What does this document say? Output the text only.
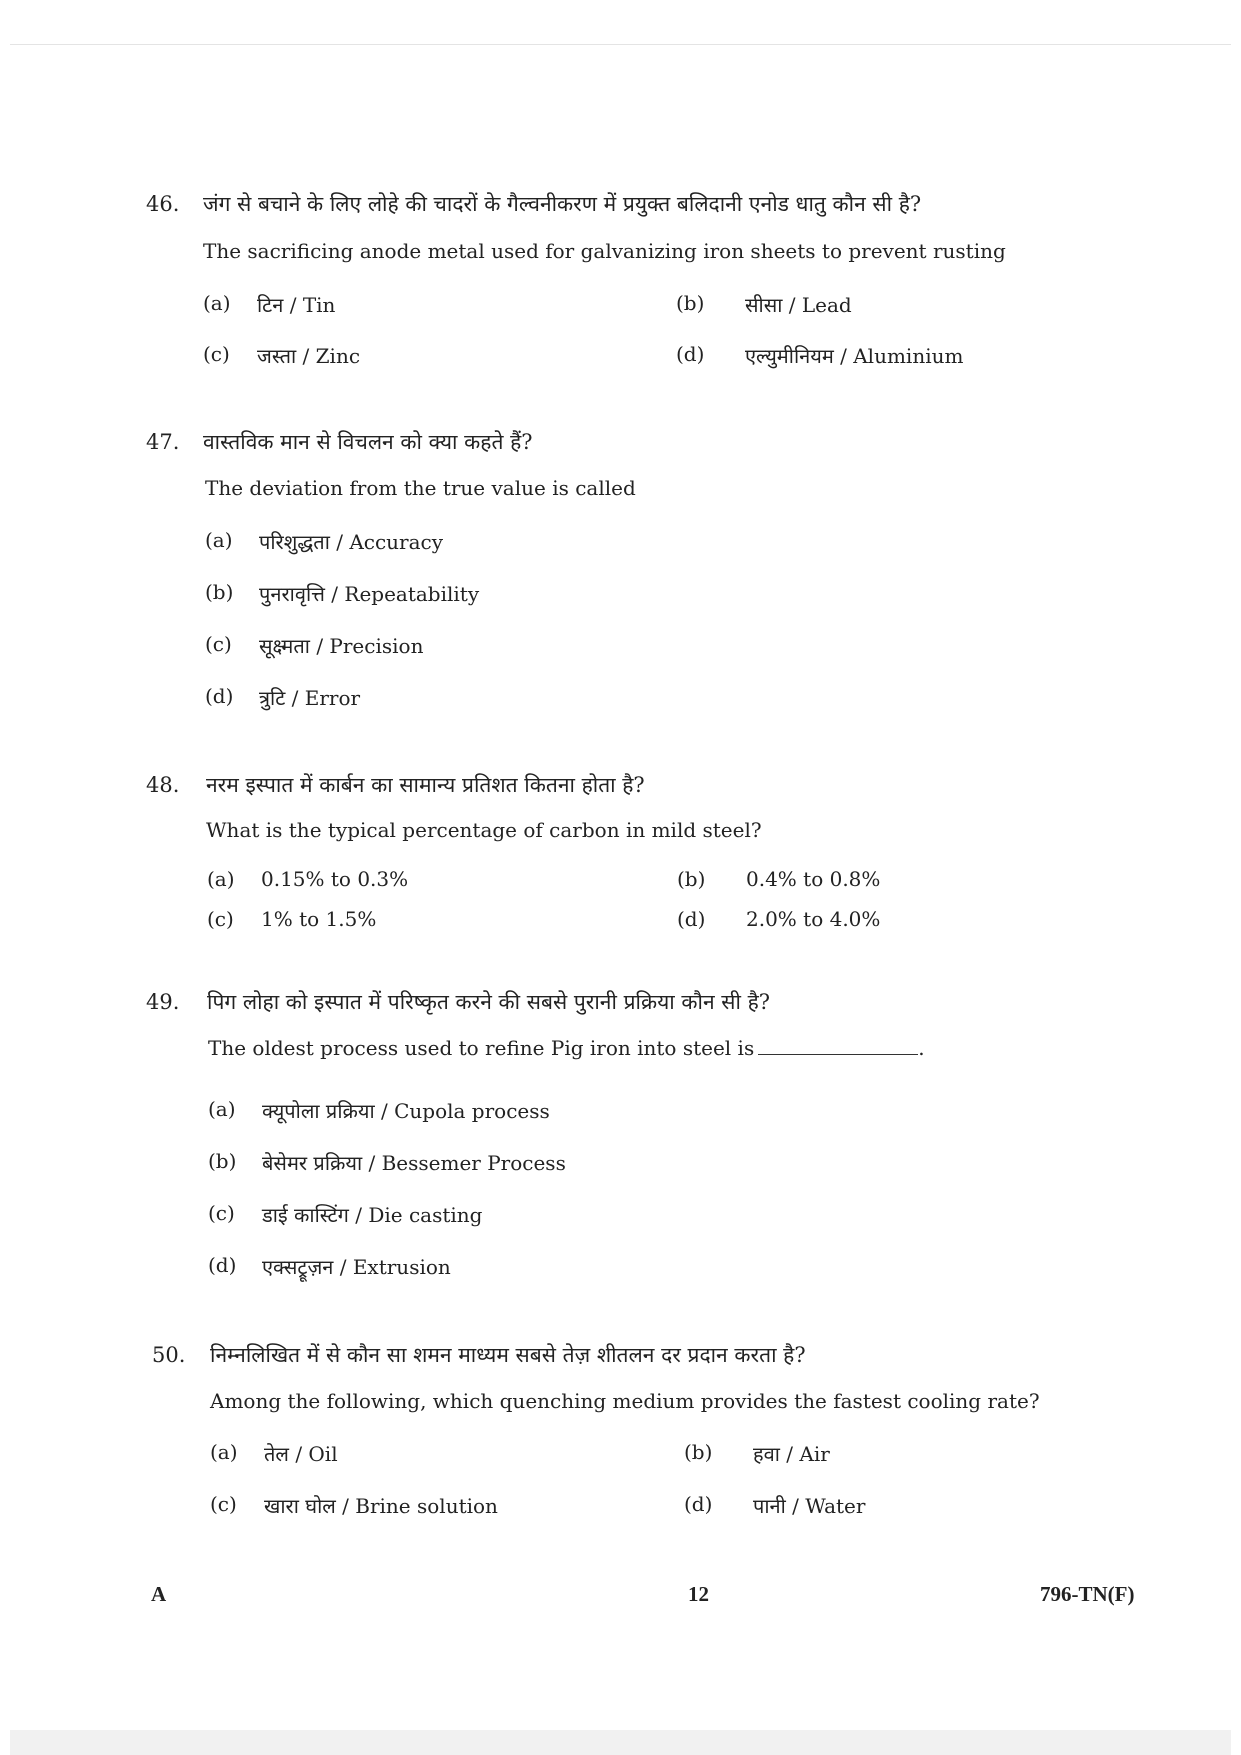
46. जंग से बचाने के लिए लोहे की चादरों के गैल्वनीकरण में प्रयुक्त बलिदानी एनोड धातु कौन सी है?
The sacrificing anode metal used for galvanizing iron sheets to prevent rusting
(a)	टिन / Tin	(b)	सीसा / Lead
(c)	जस्ता / Zinc	(d)	एल्युमीनियम / Aluminium
47. वास्तविक मान से विचलन को क्या कहते हैं?
The deviation from the true value is called
(a)	परिशुद्धता / Accuracy
(b)	पुनरावृत्ति / Repeatability
(c)	सूक्ष्मता / Precision
(d)	त्रुटि / Error
48. नरम इस्पात में कार्बन का सामान्य प्रतिशत कितना होता है?
What is the typical percentage of carbon in mild steel?
(a)	0.15% to 0.3%	(b)	0.4% to 0.8%
(c)	1% to 1.5%	(d)	2.0% to 4.0%
49. पिग लोहा को इस्पात में परिष्कृत करने की सबसे पुरानी प्रक्रिया कौन सी है?
The oldest process used to refine Pig iron into steel is	.
(a)	क्यूपोला प्रक्रिया / Cupola process
(b)	बेसेमर प्रक्रिया / Bessemer Process
(c)	डाई कास्टिंग / Die casting
(d)	एक्सट्रूज़न / Extrusion
50. निम्नलिखित में से कौन सा शमन माध्यम सबसे तेज़ शीतलन दर प्रदान करता है?
Among the following, which quenching medium provides the fastest cooling rate?
(a)	तेल / Oil	(b)	हवा / Air
(c)	खारा घोल / Brine solution	(d)	पानी / Water
A	12	796-TN(F)
